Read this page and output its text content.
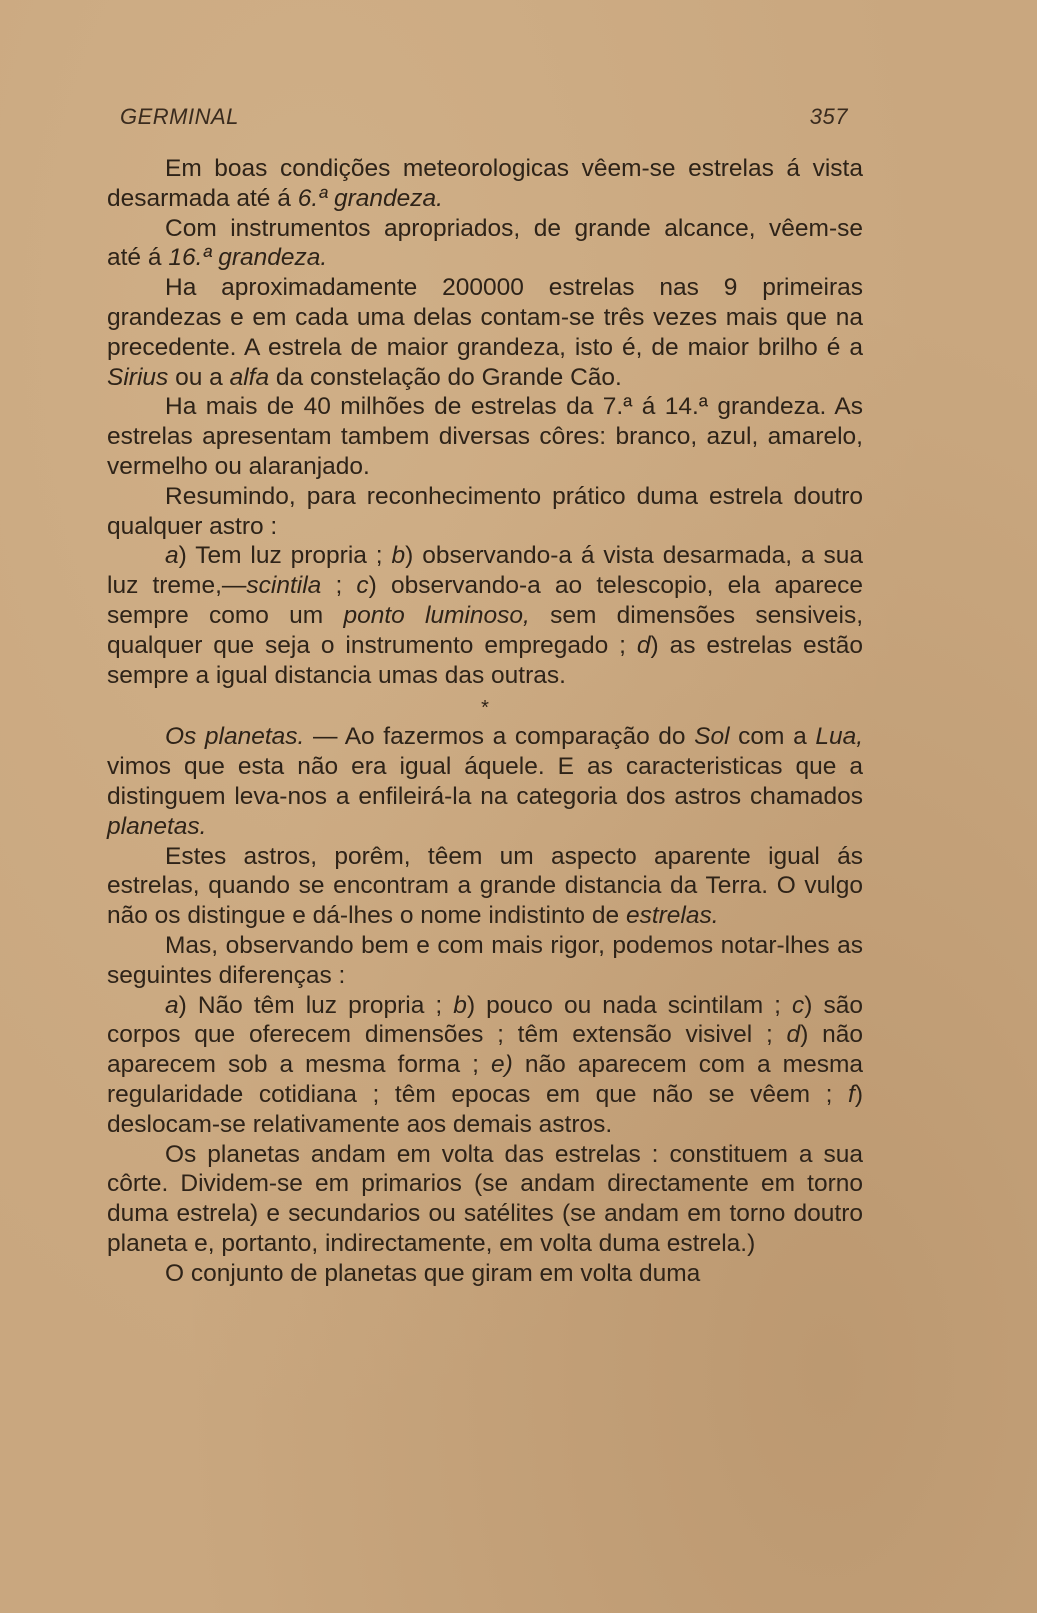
GERMINAL	357

Em boas condições meteorologicas vêem-se estrelas á vista desarmada até á 6.ª grandeza.

Com instrumentos apropriados, de grande alcance, vêem-se até á 16.ª grandeza.

Ha aproximadamente 200000 estrelas nas 9 primeiras grandezas e em cada uma delas contam-se três vezes mais que na precedente. A estrela de maior grandeza, isto é, de maior brilho é a Sirius ou a alfa da constelação do Grande Cão.

Ha mais de 40 milhões de estrelas da 7.ª á 14.ª grandeza. As estrelas apresentam tambem diversas côres: branco, azul, amarelo, vermelho ou alaranjado.

Resumindo, para reconhecimento prático duma estrela doutro qualquer astro :

a) Tem luz propria ; b) observando-a á vista desarmada, a sua luz treme,—scintila ; c) observando-a ao telescopio, ela aparece sempre como um ponto luminoso, sem dimensões sensiveis, qualquer que seja o instrumento empregado ; d) as estrelas estão sempre a igual distancia umas das outras.

*

Os planetas. — Ao fazermos a comparação do Sol com a Lua, vimos que esta não era igual áquele. E as caracteristicas que a distinguem leva-nos a enfileirá-la na categoria dos astros chamados planetas.

Estes astros, porêm, têem um aspecto aparente igual ás estrelas, quando se encontram a grande distancia da Terra. O vulgo não os distingue e dá-lhes o nome indistinto de estrelas.

Mas, observando bem e com mais rigor, podemos notar-lhes as seguintes diferenças :

a) Não têm luz propria ; b) pouco ou nada scintilam ; c) são corpos que oferecem dimensões ; têm extensão visivel ; d) não aparecem sob a mesma forma ; e) não aparecem com a mesma regularidade cotidiana ; têm epocas em que não se vêem ; f) deslocam-se relativamente aos demais astros.

Os planetas andam em volta das estrelas : constituem a sua côrte. Dividem-se em primarios (se andam directamente em torno duma estrela) e secundarios ou satélites (se andam em torno doutro planeta e, portanto, indirectamente, em volta duma estrela.)

O conjunto de planetas que giram em volta duma
